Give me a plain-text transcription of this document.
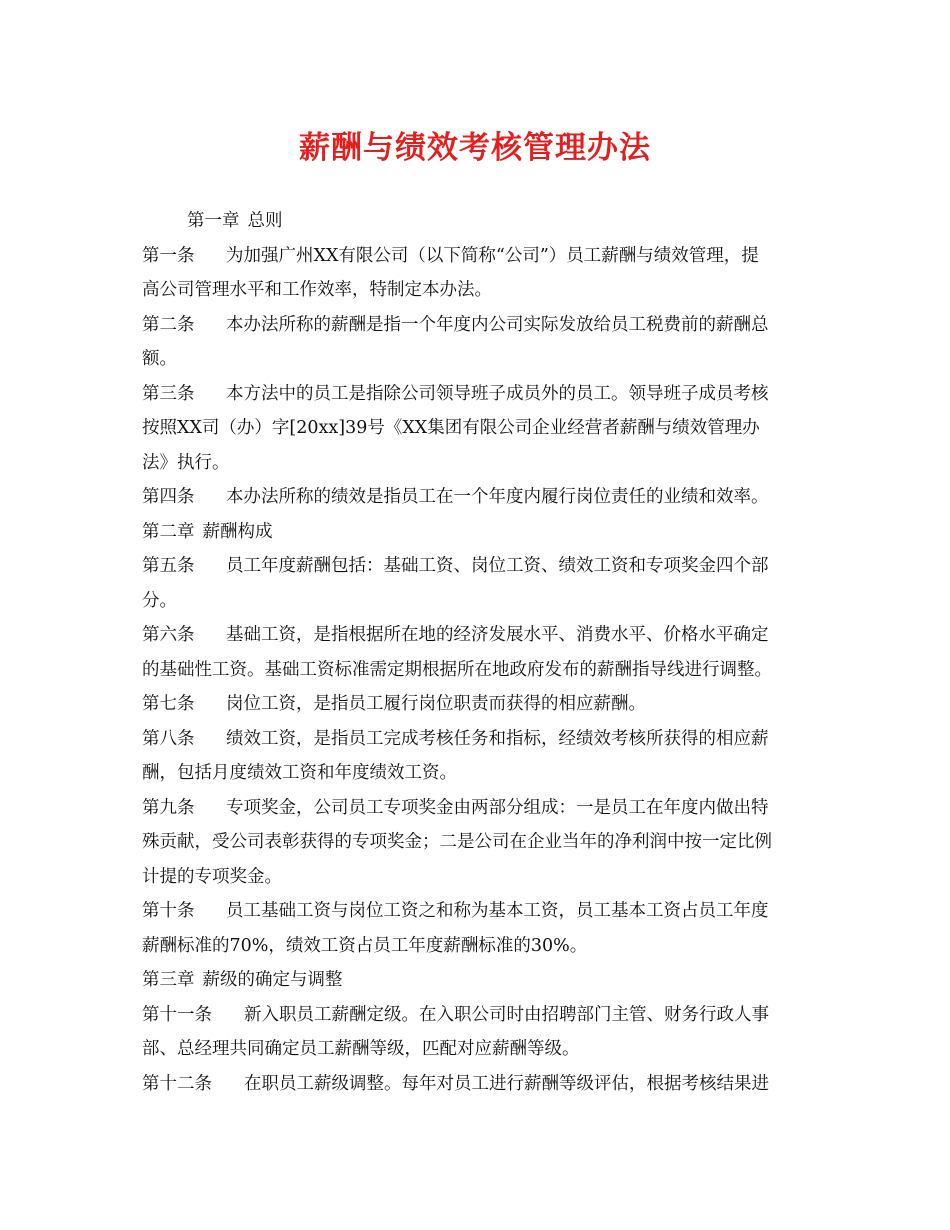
薪酬与绩效考核管理办法
第一章 总则
第一条 为加强广州XX有限公司（以下简称“公司”）员工薪酬与绩效管理，提
高公司管理水平和工作效率，特制定本办法。
第二条 本办法所称的薪酬是指一个年度内公司实际发放给员工税费前的薪酬总
额。
第三条 本方法中的员工是指除公司领导班子成员外的员工。领导班子成员考核
按照XX司（办）字[20xx]39号《XX集团有限公司企业经营者薪酬与绩效管理办
法》执行。
第四条 本办法所称的绩效是指员工在一个年度内履行岗位责任的业绩和效率。
第二章 薪酬构成
第五条 员工年度薪酬包括：基础工资、岗位工资、绩效工资和专项奖金四个部
分。
第六条 基础工资，是指根据所在地的经济发展水平、消费水平、价格水平确定
的基础性工资。基础工资标准需定期根据所在地政府发布的薪酬指导线进行调整。
第七条 岗位工资，是指员工履行岗位职责而获得的相应薪酬。
第八条 绩效工资，是指员工完成考核任务和指标，经绩效考核所获得的相应薪
酬，包括月度绩效工资和年度绩效工资。
第九条 专项奖金，公司员工专项奖金由两部分组成：一是员工在年度内做出特
殊贡献，受公司表彰获得的专项奖金；二是公司在企业当年的净利润中按一定比例
计提的专项奖金。
第十条 员工基础工资与岗位工资之和称为基本工资，员工基本工资占员工年度
薪酬标准的70%，绩效工资占员工年度薪酬标准的30%。
第三章 薪级的确定与调整
第十一条 新入职员工薪酬定级。在入职公司时由招聘部门主管、财务行政人事
部、总经理共同确定员工薪酬等级，匹配对应薪酬等级。
第十二条 在职员工薪级调整。每年对员工进行薪酬等级评估，根据考核结果进
